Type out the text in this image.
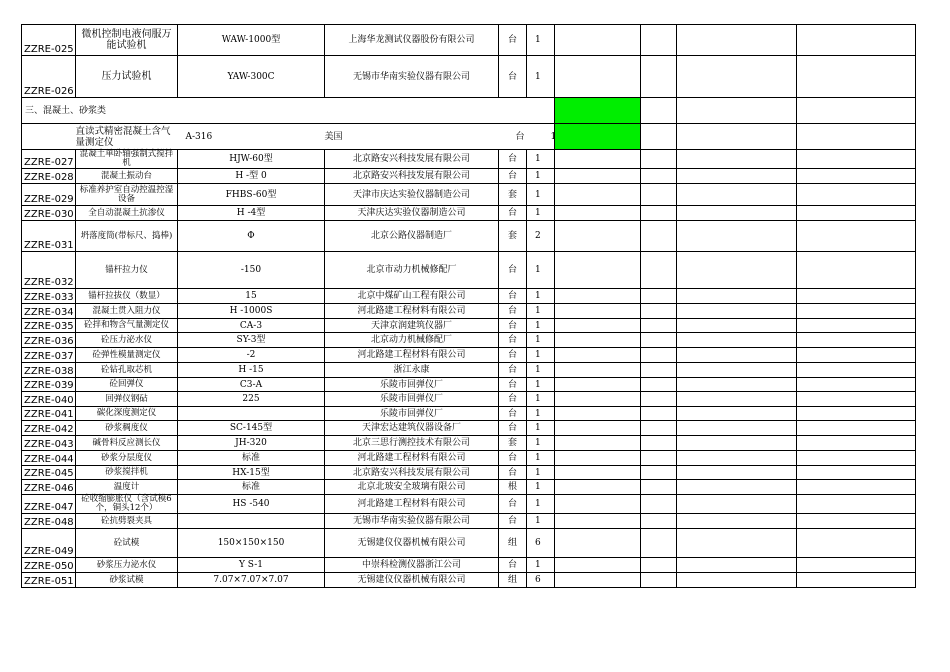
ZZRE-025	微机控制电液伺服万能试验机	WAW-1000型	上海华龙测试仪器股份有限公司	台	1				
ZZRE-026	压力试验机	YAW-300C	无锡市华南实验仪器有限公司	台	1				
三、混凝土、砂浆类									
	直读式精密混凝土含气量测定仪	A-316	美国	台	1				
ZZRE-027	混凝土单卧轴强制式搅拌机	HJW-60型	北京路安兴科技发展有限公司	台	1				
ZZRE-028	混凝土振动台	H -型 0	北京路安兴科技发展有限公司	台	1				
ZZRE-029	标准养护室自动控温控湿设备	FHBS-60型	天津市庆达实验仪器制造公司	套	1				
ZZRE-030	全自动混凝土抗渗仪	H -4型	天津庆达实验仪器制造公司	台	1				
ZZRE-031	坍落度筒(带标尺、捣棒)	Φ	北京公路仪器制造厂	套	2				
ZZRE-032	锚杆拉力仪	-150	北京市动力机械修配厂	台	1				
ZZRE-033	锚杆拉拔仪（数显）	15	北京中煤矿山工程有限公司	台	1				
ZZRE-034	混凝土贯入阻力仪	H -1000S	河北路建工程材料有限公司	台	1				
ZZRE-035	砼拌和物含气量测定仪	CA-3	天津京润建筑仪器厂	台	1				
ZZRE-036	砼压力泌水仪	SY-3型	北京动力机械修配厂	台	1				
ZZRE-037	砼弹性模量测定仪	-2	河北路建工程材料有限公司	台	1				
ZZRE-038	砼钻孔取芯机	H -15	浙江永康	台	1				
ZZRE-039	砼回弹仪	C3-A	乐陵市回弹仪厂	台	1				
ZZRE-040	回弹仪钢砧	225	乐陵市回弹仪厂	台	1				
ZZRE-041	碳化深度测定仪		乐陵市回弹仪厂	台	1				
ZZRE-042	砂浆稠度仪	SC-145型	天津宏达建筑仪器设备厂	台	1				
ZZRE-043	碱骨料反应测长仪	JH-320	北京三思行测控技术有限公司	套	1				
ZZRE-044	砂浆分层度仪	标准	河北路建工程材料有限公司	台	1				
ZZRE-045	砂浆搅拌机	HX-15型	北京路安兴科技发展有限公司	台	1				
ZZRE-046	温度计	标准	北京北玻安全玻璃有限公司	根	1				
ZZRE-047	砼收缩膨胀仪（含试模6个，铜头12个）	HS -540	河北路建工程材料有限公司	台	1				
ZZRE-048	砼抗劈裂夹具		无锡市华南实验仪器有限公司	台	1				
ZZRE-049	砼试模	150×150×150	无锡建仪仪器机械有限公司	组	6				
ZZRE-050	砂浆压力泌水仪	Y S-1	中崇科检测仪器浙江公司	台	1				
ZZRE-051	砂浆试模	7.07×7.07×7.07	无锡建仪仪器机械有限公司	组	6				
